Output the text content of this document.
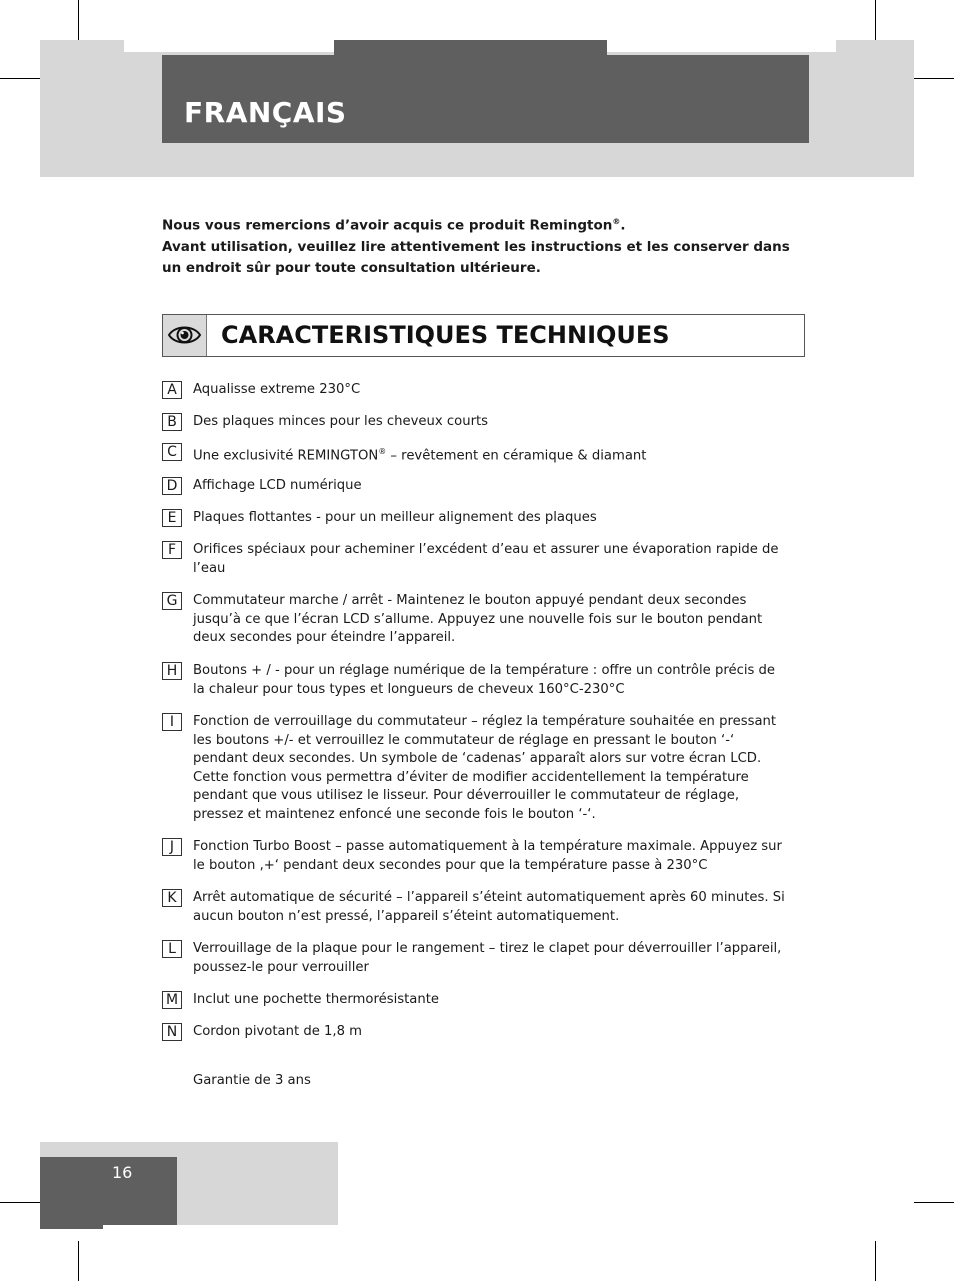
FRANÇAIS

Nous vous remercions d’avoir acquis ce produit Remington®.

Avant utilisation, veuillez lire attentivement les instructions et les conserver dans un endroit sûr pour toute consultation ultérieure.

CARACTERISTIQUES TECHNIQUES
A	Aqualisse extreme 230°C
B	Des plaques minces pour les cheveux courts
C	Une exclusivité REMINGTON® – revêtement en céramique & diamant
D	Affichage LCD numérique
E	Plaques flottantes - pour un meilleur alignement des plaques
F	Orifices spéciaux pour acheminer l’excédent d’eau et assurer une évaporation rapide de l’eau
G	Commutateur marche / arrêt - Maintenez le bouton appuyé pendant deux secondes jusqu’à ce que l’écran LCD s’allume. Appuyez une nouvelle fois sur le bouton pendant deux secondes pour éteindre l’appareil.
H	Boutons + / - pour un réglage numérique de la température : offre un contrôle précis de la chaleur pour tous types et longueurs de cheveux 160°C-230°C
I	Fonction de verrouillage du commutateur – réglez la température souhaitée en pressant les boutons +/- et verrouillez le commutateur de réglage en pressant le bouton ‘-‘ pendant deux secondes. Un symbole de ‘cadenas’ apparaît alors sur votre écran LCD. Cette fonction vous permettra d’éviter de modifier accidentellement la température pendant que vous utilisez le lisseur. Pour déverrouiller le commutateur de réglage, pressez et maintenez enfoncé une seconde fois le bouton ‘-‘.
J	Fonction Turbo Boost – passe automatiquement à la température maximale. Appuyez sur le bouton ‚+‘ pendant deux secondes pour que la température passe à 230°C
K	Arrêt automatique de sécurité – l’appareil s’éteint automatiquement après 60 minutes. Si aucun bouton n’est pressé, l’appareil s’éteint automatiquement.
L	Verrouillage de la plaque pour le rangement – tirez le clapet pour déverrouiller l’appareil, poussez-le pour verrouiller
M Inclut une pochette thermorésistante
N	Cordon pivotant de 1,8 m
Garantie de 3 ans
16
